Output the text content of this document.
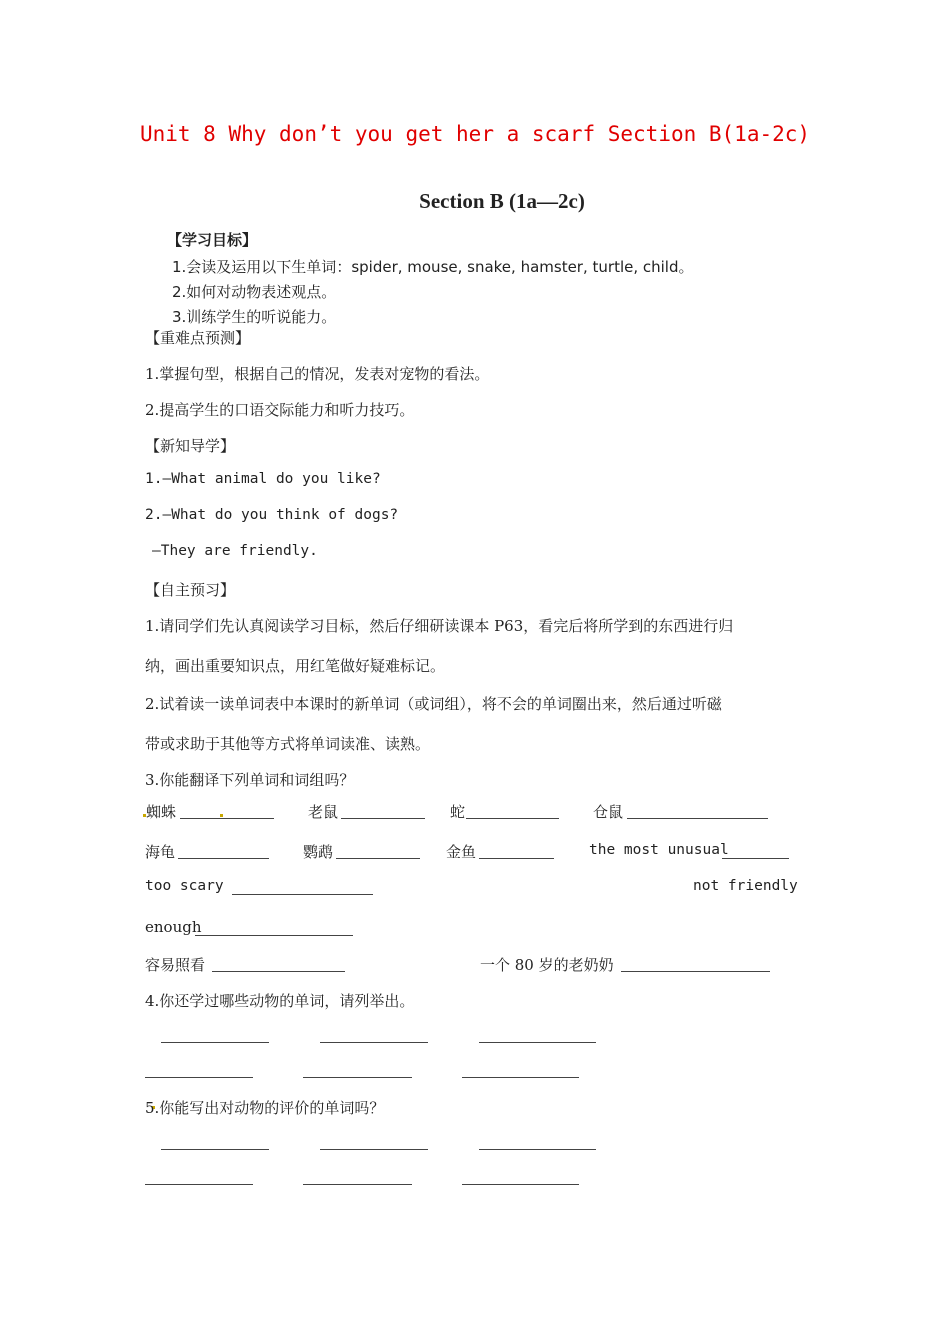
Unit 8 Why don’t you get her a scarf Section B(1a-2c)
Section B (1a—2c)
【学习目标】
1.会读及运用以下生单词：spider, mouse, snake, hamster, turtle, child。
2.如何对动物表述观点。
3.训练学生的听说能力。
【重难点预测】
1.掌握句型，根据自己的情况，发表对宠物的看法。
2.提高学生的口语交际能力和听力技巧。
【新知导学】
1.—What animal do you like?
2.—What do you think of dogs?
—They are friendly.
【自主预习】
1.请同学们先认真阅读学习目标，然后仔细研读课本 P63，看完后将所学到的东西进行归
纳，画出重要知识点，用红笔做好疑难标记。
2.试着读一读单词表中本课时的新单词（或词组），将不会的单词圈出来，然后通过听磁
带或求助于其他等方式将单词读准、读熟。
3.你能翻译下列单词和词组吗？
蜘蛛	老鼠	蛇	仓鼠
海龟	鹦鹉	金鱼	the most unusual
too scary	not friendly
enough
容易照看	一个 80 岁的老奶奶
4.你还学过哪些动物的单词，请列举出。
5.你能写出对动物的评价的单词吗？
